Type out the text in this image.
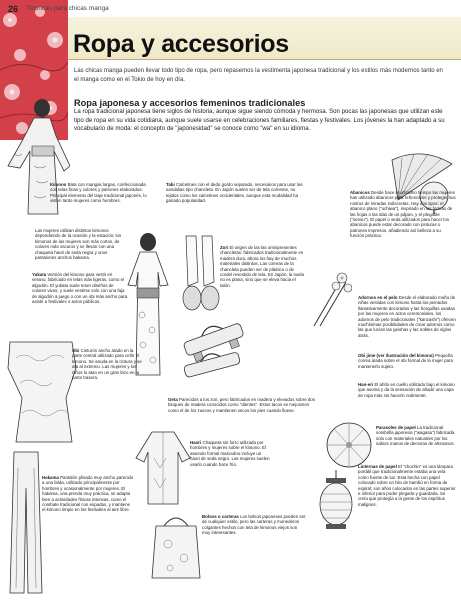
26 Técnicas para chicas manga
Ropa y accesorios
Las chicas manga pueden llevar todo tipo de ropa, pero repasemos la vestimenta japonesa tradicional y los estilos más modernos tanto en el manga como en el Tokio de hoy en día.
Ropa japonesa y accesorios femeninos tradicionales
La ropa tradicional japonesa tiene siglos de historia, aunque sigue siendo cómoda y hermosa. Son pocas las japonesas que utilizan este tipo de ropa en su vida cotidiana, aunque suele usarse en celebraciones familiares, fiestas y festivales. Los jóvenes la han adaptado a su vocabulario de moda: el concepto de "japonesidad" se conoce como "wa" en su idioma.
Kimono Bata con mangas largas, confeccionada con telas finas y colores y patrones elaborados. Principal elemento del traje tradicional japonés, lo visten tanto mujeres como hombres.
Las mujeres utilizan distintos kimonos dependiendo de la ocasión y la estación; los kimonos de las mujeres son más cortos, de colores más oscuros y se llevan con una chaqueta haori de seda negra y unos pantalones anchos hakama.
Yukata Versión del kimono para vestir en verano, fabricado en telas más ligeras, como el algodón. El yukata suele tener diseños de colores vivos, y suele vestirse solo con una faja de algodón a juego o con un obi más ancho para asistir a festivales o actos públicos.
Obi Cinturón ancho atado en la parte central utilizado para ceñir el kimono. Se anuda en la cintura y se ata al extremo. Las mujeres y los niños lo atan en un gran lazo en la parte trasera.
Hakama Pantalón plisado muy ancho parecido a una falda, utilizado principalmente por hombres y ocasionalmente por mujeres. El hakama, una prenda muy práctica, se adapta bien a actividades físicas intensas, como el combate tradicional con espadas, y mantiene el kimono limpio en los festivales al aire libre.
Tabi Calcetines con el dedo gordo separado, necesarios para usar las sandalias tipo chancleta. En Japón suelen ser de tela corriente, no tejidos como los calcetines occidentales, aunque esta modalidad ha ganado popularidad.
Zori El origen de las las omnipresentes chancletas: fabricados tradicionalmente en madera dura, ahora los hay de muchos materiales distintos. Las correas de la chancleta pueden ser de plástico o de cordel revestido de tela. En Japón, la suela no es plana, sino que se eleva hacia el talón.
Geta Parecidos a los zori, pero fabricados en madera y elevados sobre dos bloques de madera conocidos como "dientes". Estos tacos se mejoraron como el de los zuecos y mantienen secos los pies cuando llueve.
Haori Chaqueta sin forro utilizada por hombres y mujeres sobre el kimono. El atuendo formal masculino incluye un haori de seda negro. Las mujeres suelen usarlo cuando hace frío.
Bolsos o carteras Los bolsos japoneses pueden ser de cualquier estilo, pero las carteras y monederos colgantes hechos con tela de kimonos viejos son muy interesantes.
Abanicos Desde hace muchísimo tiempo las mujeres han utilizado abanicos para refrescarse y proteger sus rostros de miradas indiscretas. Hay dos tipos: el abanico plano ("uchiwa"), inspirado en las formas de las hojas o las alas de un pájaro, y el plegable ("sensu"). El papel o seda utilizados para hacer los abanicos puede estar decorado con pinturas o patrones impresos, añadiendo así belleza a su función práctica.
Adornos en el pelo Desde el elaborado moño de niñas vestidas con kimono hasta los peinados llamativamente decorados y las horquillas usadas por las mujeres en actos ceremoniales, los adornos de pelo tradicionales ("kanzashi") ofrecen muchísimas posibilidades de crear adornos como las que lucían las geishas y las nobles de siglos atrás.
Obi jime (ver ilustración del kimono) Pequeña correa atada sobre el obi formal de la mujer para mantenerlo sujeto.
Han-eri El ahíto es cuello utilizado bajo el kimono que asoma y da la sensación de añadir una capa de ropa más sin hacerlo realmente.
Parasoles de papel La tradicional sombrilla japonesa ("wagasa") fabricada solo con materiales naturales por los sabios manos de decenas de artesanos.
Linternas de papel El "chochin" es una lámpara portátil que tradicionalmente estaba una vela como fuente de luz. Esta hecha con papel colocado sobre un hilo de bambú en forma de espiral; son años colocados en las partes superior e inferior para poder plegarla y guardarla. Se creía que protegía a la gente de los espíritus malignos.
